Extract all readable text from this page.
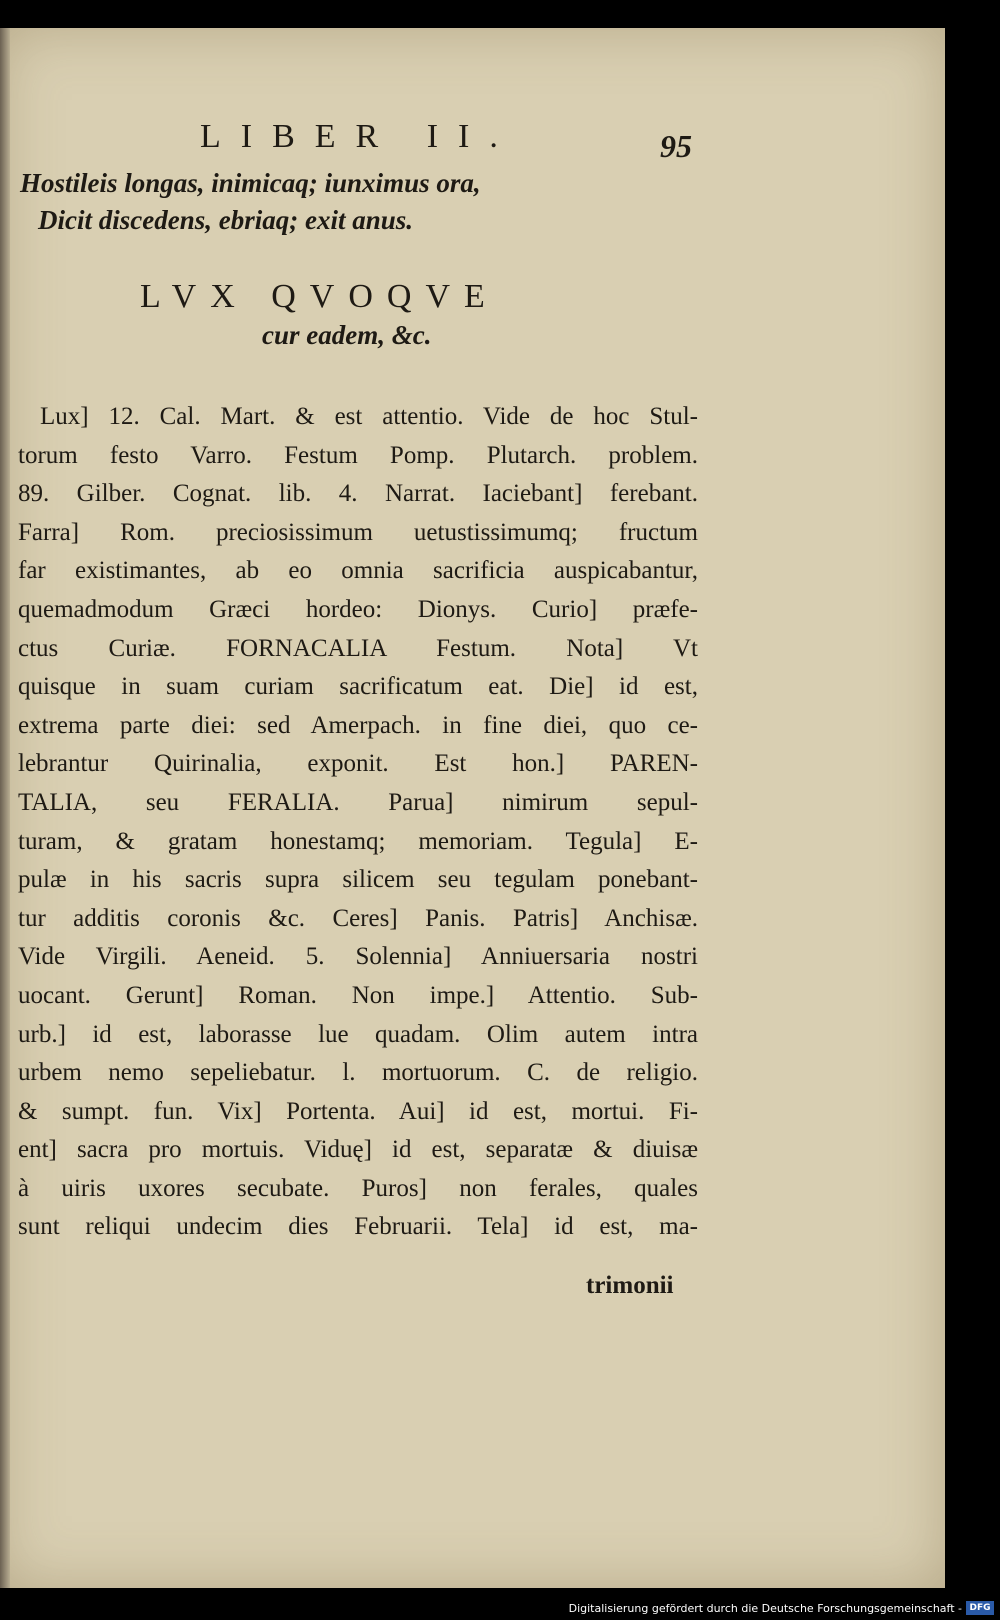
LIBER II.	95
Hostileis longas, inimicaq; iunximus ora,
Dicit discedens, ebriaq; exit anus.
LVX QVOQVE
cur eadem, &c.
Lux] 12. Cal. Mart. & est attentio. Vide de hoc Stul-
torum festo Varro. Festum Pomp. Plutarch. problem.
89. Gilber. Cognat. lib. 4. Narrat. Iaciebant] ferebant.
Farra] Rom. preciosissimum uetustissimumq; fructum
far existimantes, ab eo omnia sacrificia auspicabantur,
quemadmodum Græci hordeo: Dionys. Curio] præfe-
ctus Curiæ. FORNACALIA Festum. Nota] Vt
quisque in suam curiam sacrificatum eat. Die] id est,
extrema parte diei: sed Amerpach. in fine diei, quo ce-
lebrantur Quirinalia, exponit. Est hon.] PAREN-
TALIA, seu FERALIA. Parua] nimirum sepul-
turam, & gratam honestamq; memoriam. Tegula] E-
pulæ in his sacris supra silicem seu tegulam ponebant-
tur additis coronis &c. Ceres] Panis. Patris] Anchisæ.
Vide Virgili. Aeneid. 5. Solennia] Anniuersaria nostri
uocant. Gerunt] Roman. Non impe.] Attentio. Sub-
urb.] id est, laborasse lue quadam. Olim autem intra
urbem nemo sepeliebatur. l. mortuorum. C. de religio.
& sumpt. fun. Vix] Portenta. Aui] id est, mortui. Fi-
ent] sacra pro mortuis. Viduę] id est, separatæ & diuisæ
à uiris uxores secubate. Puros] non ferales, quales
sunt reliqui undecim dies Februarii. Tela] id est, ma-
trimonii
Digitalisierung gefördert durch die Deutsche Forschungsgemeinschaft - DFG
